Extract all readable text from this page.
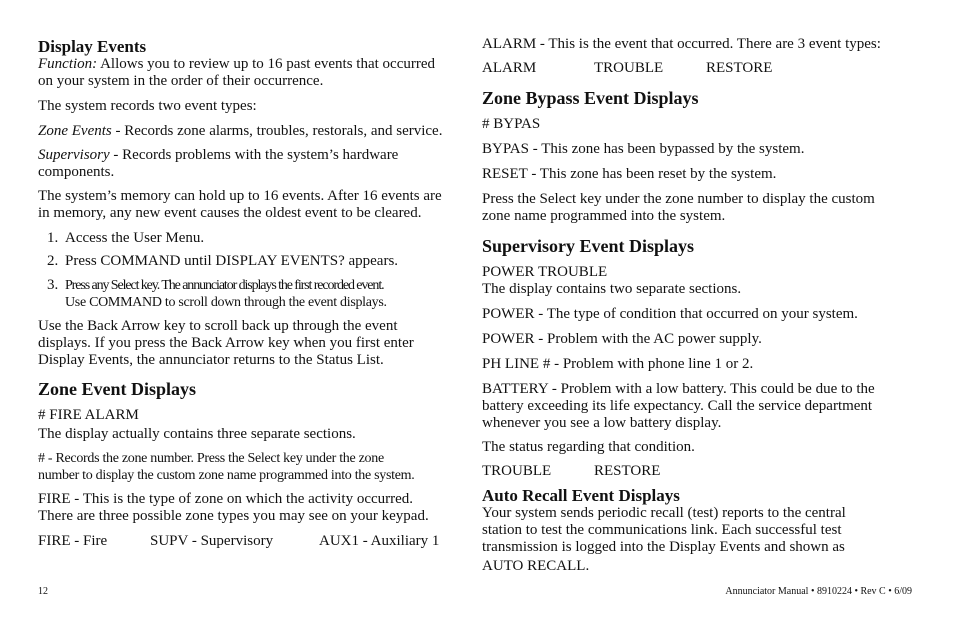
Display Events
Function: Allows you to review up to 16 past events that occurred
on your system in the order of their occurrence.
The system records two event types:
Zone Events - Records zone alarms, troubles, restorals, and service.
Supervisory - Records problems with the system’s hardware
components.
The system’s memory can hold up to 16 events. After 16 events are
in memory, any new event causes the oldest event to be cleared.
1. Access the User Menu.
2. Press COMMAND until DISPLAY EVENTS? appears.
3. Press any Select key. The annunciator displays the first recorded event.
Use COMMAND to scroll down through the event displays.
Use the Back Arrow key to scroll back up through the event
displays. If you press the Back Arrow key when you first enter
Display Events, the annunciator returns to the Status List.
Zone Event Displays
# FIRE ALARM
The display actually contains three separate sections.
# - Records the zone number. Press the Select key under the zone
number to display the custom zone name programmed into the system.
FIRE - This is the type of zone on which the activity occurred.
There are three possible zone types you may see on your keypad.
FIRE - Fire	SUPV - Supervisory	AUX1 - Auxiliary 1
12
ALARM - This is the event that occurred. There are 3 event types:
ALARM	TROUBLE	RESTORE
Zone Bypass Event Displays
# BYPAS
BYPAS - This zone has been bypassed by the system.
RESET - This zone has been reset by the system.
Press the Select key under the zone number to display the custom
zone name programmed into the system.
Supervisory Event Displays
POWER TROUBLE
The display contains two separate sections.
POWER - The type of condition that occurred on your system.
POWER - Problem with the AC power supply.
PH LINE # - Problem with phone line 1 or 2.
BATTERY - Problem with a low battery. This could be due to the
battery exceeding its life expectancy. Call the service department
whenever you see a low battery display.
The status regarding that condition.
TROUBLE	RESTORE
Auto Recall Event Displays
Your system sends periodic recall (test) reports to the central
station to test the communications link. Each successful test
transmission is logged into the Display Events and shown as
AUTO RECALL.
Annunciator Manual • 8910224 • Rev C • 6/09
